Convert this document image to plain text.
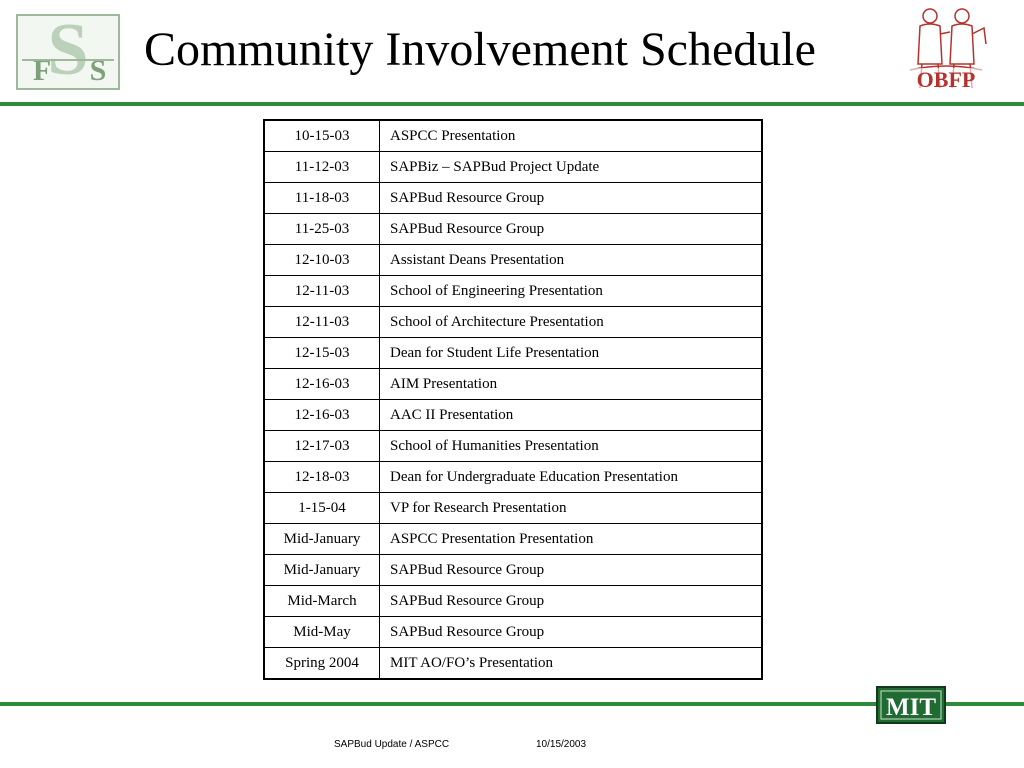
S
F S Community Involvement Schedule
OBFP
10-15-03	ASPCC Presentation
11-12-03	SAPBiz – SAPBud Project Update
11-18-03	SAPBud Resource Group
11-25-03	SAPBud Resource Group
12-10-03	Assistant Deans Presentation
12-11-03	School of Engineering Presentation
12-11-03	School of Architecture Presentation
12-15-03	Dean for Student Life Presentation
12-16-03	AIM Presentation
12-16-03	AAC II Presentation
12-17-03	School of Humanities Presentation
12-18-03	Dean for Undergraduate Education Presentation
1-15-04	VP for Research Presentation
Mid-January	ASPCC Presentation Presentation
Mid-January	SAPBud Resource Group
Mid-March	SAPBud Resource Group
Mid-May	SAPBud Resource Group
Spring 2004	MIT AO/FO’s Presentation
MIT
SAPBud Update / ASPCC	10/15/2003
